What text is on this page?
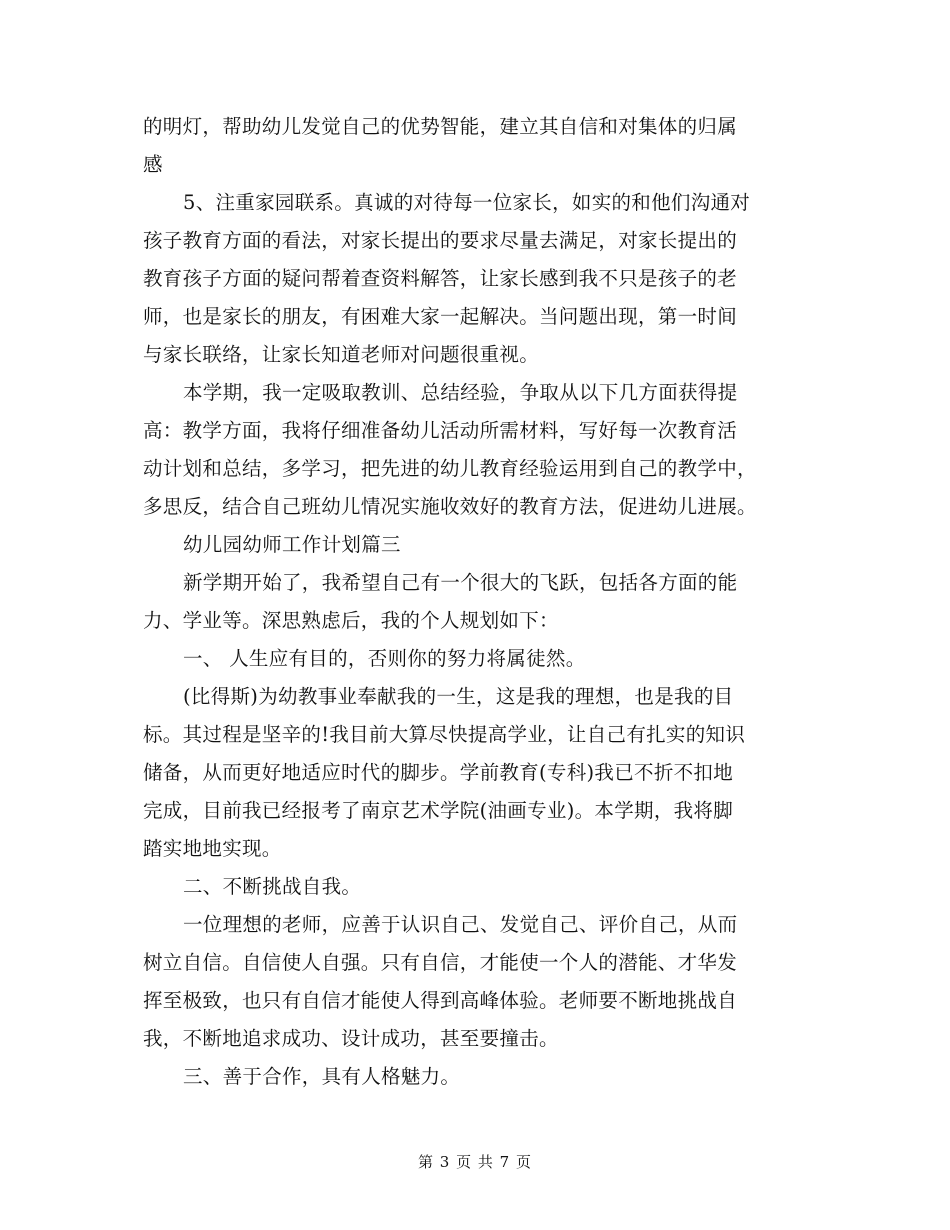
的明灯，帮助幼儿发觉自己的优势智能，建立其自信和对集体的归属
感
5、注重家园联系。真诚的对待每一位家长，如实的和他们沟通对
孩子教育方面的看法，对家长提出的要求尽量去满足，对家长提出的
教育孩子方面的疑问帮着查资料解答，让家长感到我不只是孩子的老
师，也是家长的朋友，有困难大家一起解决。当问题出现，第一时间
与家长联络，让家长知道老师对问题很重视。
本学期，我一定吸取教训、总结经验，争取从以下几方面获得提
高：教学方面，我将仔细准备幼儿活动所需材料，写好每一次教育活
动计划和总结，多学习，把先进的幼儿教育经验运用到自己的教学中，
多思反，结合自己班幼儿情况实施收效好的教育方法，促进幼儿进展。
幼儿园幼师工作计划篇三
新学期开始了，我希望自己有一个很大的飞跃，包括各方面的能
力、学业等。深思熟虑后，我的个人规划如下：
一、 人生应有目的，否则你的努力将属徒然。
(比得斯)为幼教事业奉献我的一生，这是我的理想，也是我的目
标。其过程是坚辛的!我目前大算尽快提高学业，让自己有扎实的知识
储备，从而更好地适应时代的脚步。学前教育(专科)我已不折不扣地
完成，目前我已经报考了南京艺术学院(油画专业)。本学期，我将脚
踏实地地实现。
二、不断挑战自我。
一位理想的老师，应善于认识自己、发觉自己、评价自己，从而
树立自信。自信使人自强。只有自信，才能使一个人的潜能、才华发
挥至极致，也只有自信才能使人得到高峰体验。老师要不断地挑战自
我，不断地追求成功、设计成功，甚至要撞击。
三、善于合作，具有人格魅力。
第 3 页 共 7 页
